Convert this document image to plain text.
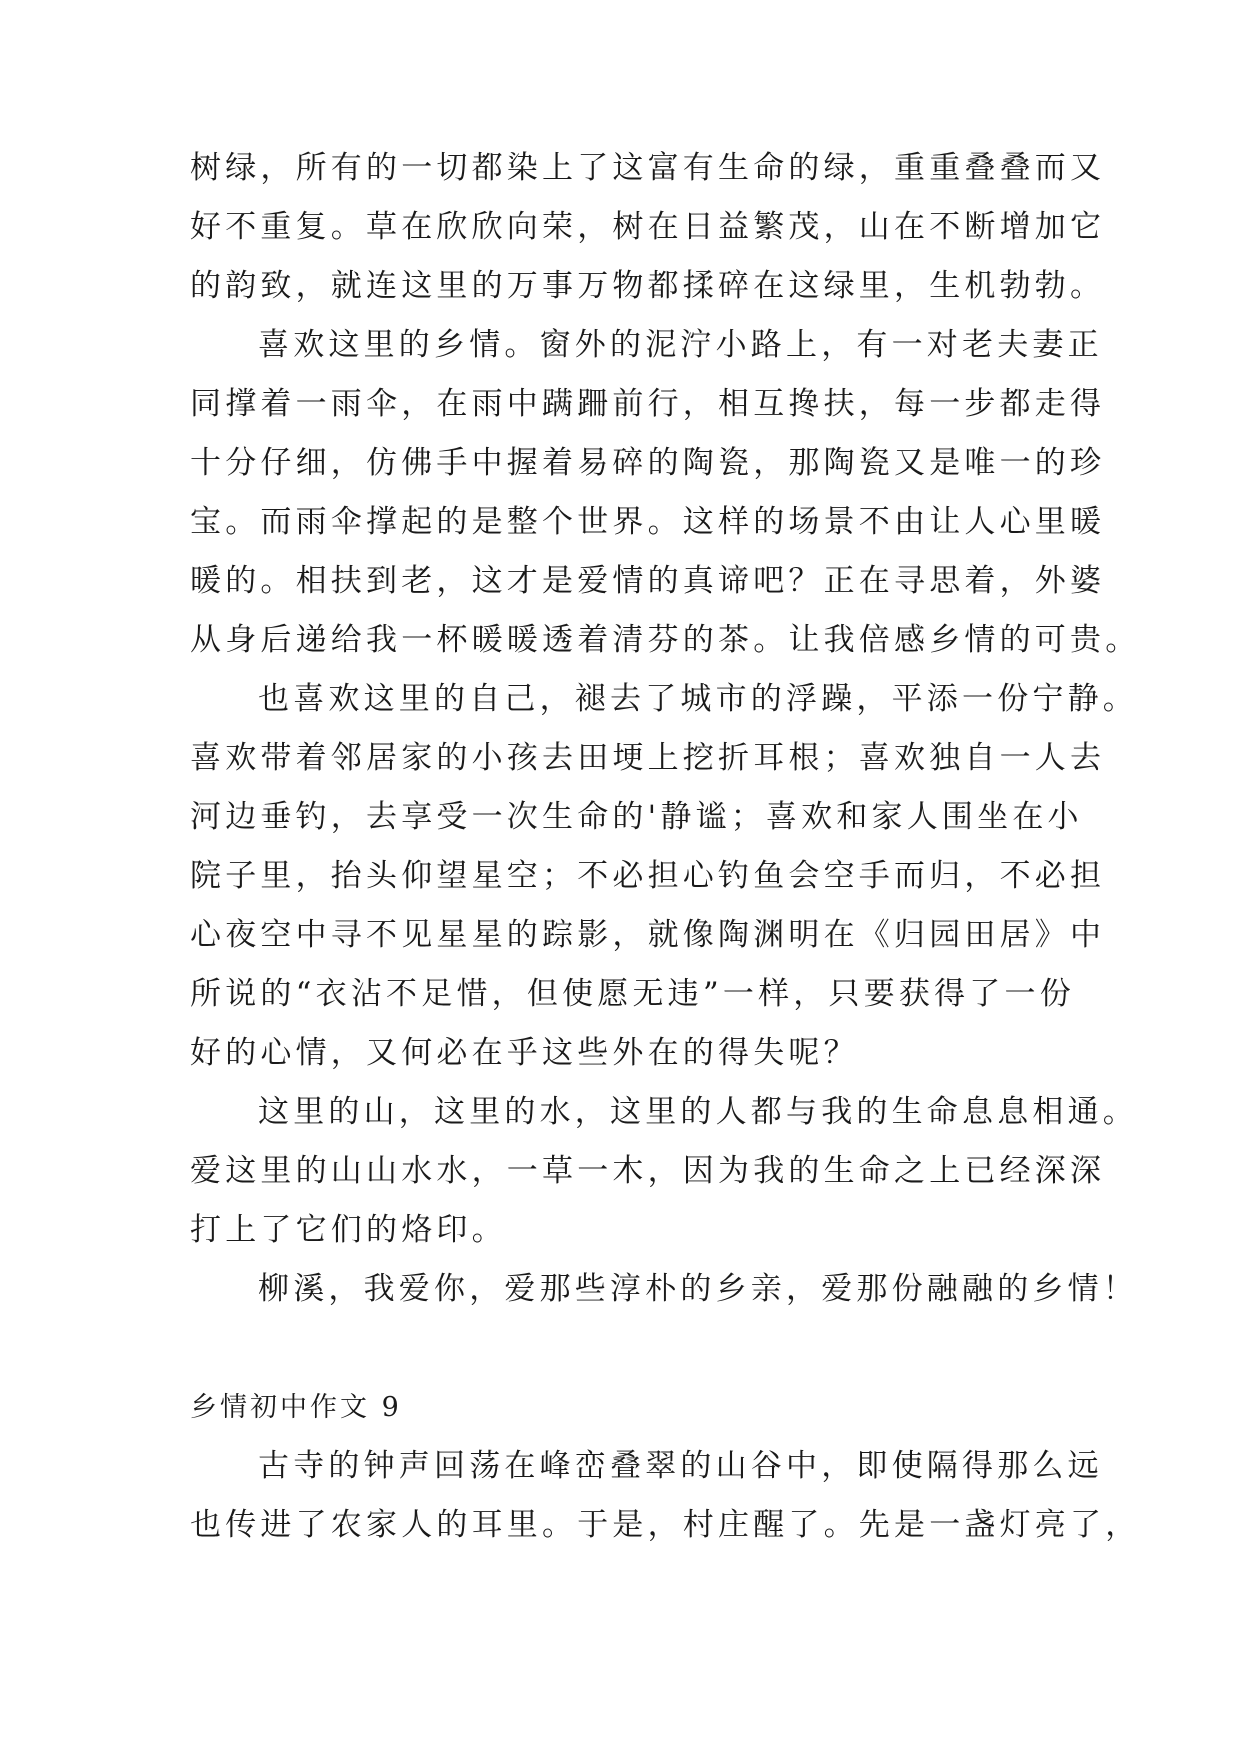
树绿，所有的一切都染上了这富有生命的绿，重重叠叠而又
好不重复。草在欣欣向荣，树在日益繁茂，山在不断增加它
的韵致，就连这里的万事万物都揉碎在这绿里，生机勃勃。
喜欢这里的乡情。窗外的泥泞小路上，有一对老夫妻正
同撑着一雨伞，在雨中蹒跚前行，相互搀扶，每一步都走得
十分仔细，仿佛手中握着易碎的陶瓷，那陶瓷又是唯一的珍
宝。而雨伞撑起的是整个世界。这样的场景不由让人心里暖
暖的。相扶到老，这才是爱情的真谛吧？正在寻思着，外婆
从身后递给我一杯暖暖透着清芬的茶。让我倍感乡情的可贵。
也喜欢这里的自己，褪去了城市的浮躁，平添一份宁静。
喜欢带着邻居家的小孩去田埂上挖折耳根；喜欢独自一人去
河边垂钓，去享受一次生命的'静谧；喜欢和家人围坐在小
院子里，抬头仰望星空；不必担心钓鱼会空手而归，不必担
心夜空中寻不见星星的踪影，就像陶渊明在《归园田居》中
所说的“衣沾不足惜，但使愿无违”一样，只要获得了一份
好的心情，又何必在乎这些外在的得失呢？
这里的山，这里的水，这里的人都与我的生命息息相通。
爱这里的山山水水，一草一木，因为我的生命之上已经深深
打上了它们的烙印。
柳溪，我爱你，爱那些淳朴的乡亲，爱那份融融的乡情！
乡情初中作文 9
古寺的钟声回荡在峰峦叠翠的山谷中，即使隔得那么远
也传进了农家人的耳里。于是，村庄醒了。先是一盏灯亮了，
